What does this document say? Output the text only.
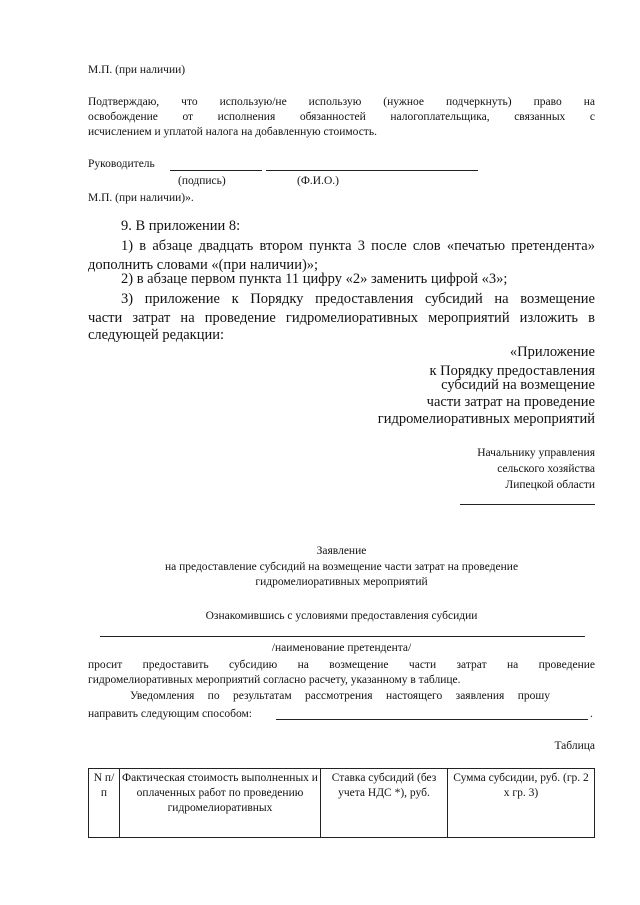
М.П. (при наличии)
Подтверждаю, что использую/не использую (нужное подчеркнуть) право на
освобождение от исполнения обязанностей налогоплательщика, связанных с
исчислением и уплатой налога на добавленную стоимость.
Руководитель
(подпись)	(Ф.И.О.)
М.П. (при наличии)».
9. В приложении 8:
1) в абзаце двадцать втором пункта 3 после слов «печатью претендента»
дополнить словами «(при наличии)»;
2) в абзаце первом пункта 11 цифру «2» заменить цифрой «3»;
3) приложение к Порядку предоставления субсидий на возмещение
части затрат на проведение гидромелиоративных мероприятий изложить в
следующей редакции:
«Приложение
к Порядку предоставления
субсидий на возмещение
части затрат на проведение
гидромелиоративных мероприятий
Начальнику управления
сельского хозяйства
Липецкой области
Заявление
на предоставление субсидий на возмещение части затрат на проведение
гидромелиоративных мероприятий
Ознакомившись с условиями предоставления субсидии
/наименование претендента/
просит предоставить субсидию на возмещение части затрат на проведение
гидромелиоративных мероприятий согласно расчету, указанному в таблице.
Уведомления по результатам рассмотрения настоящего заявления прошу
направить следующим способом:	.
Таблица
N п/п	Фактическая стоимость выполненных и оплаченных работ по проведению гидромелиоративных	Ставка субсидий (без учета НДС *), руб.	Сумма субсидии, руб. (гр. 2 х гр. 3)
